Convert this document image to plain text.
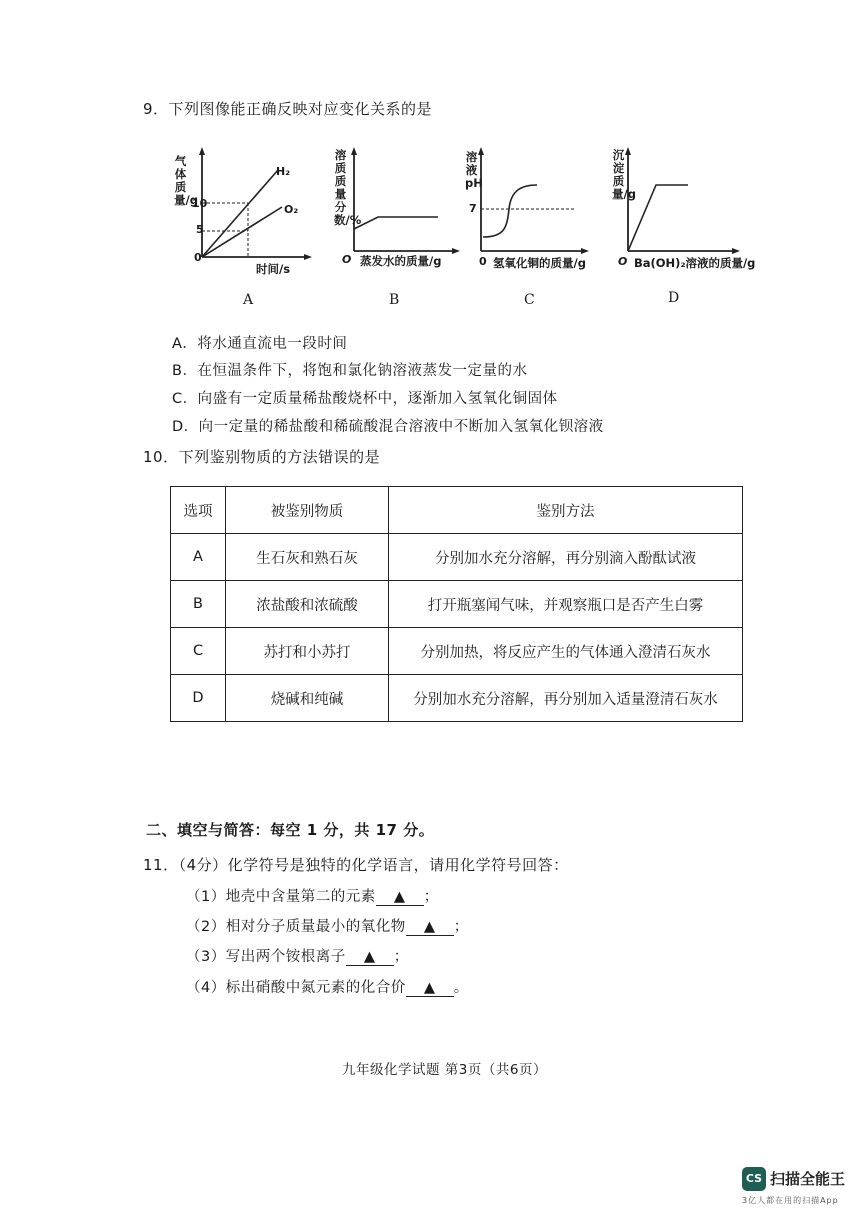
9．下列图像能正确反映对应变化关系的是
气体质量/g
10
5
0
H₂
O₂
时间/s
A
溶质质量分数/%
O 蒸发水的质量/g
B
溶液pH
7
0 氢氧化铜的质量/g
C
沉淀质量/g
O Ba(OH)₂溶液的质量/g
D
A．将水通直流电一段时间
B．在恒温条件下，将饱和氯化钠溶液蒸发一定量的水
C．向盛有一定质量稀盐酸烧杯中，逐渐加入氢氧化铜固体
D．向一定量的稀盐酸和稀硫酸混合溶液中不断加入氢氧化钡溶液
10．下列鉴别物质的方法错误的是
选项	被鉴别物质	鉴别方法
A	生石灰和熟石灰	分别加水充分溶解，再分别滴入酚酞试液
B	浓盐酸和浓硫酸	打开瓶塞闻气味，并观察瓶口是否产生白雾
C	苏打和小苏打	分别加热，将反应产生的气体通入澄清石灰水
D	烧碱和纯碱	分别加水充分溶解，再分别加入适量澄清石灰水
二、填空与简答：每空 1 分，共 17 分。
11．（4分）化学符号是独特的化学语言，请用化学符号回答：
（1）地壳中含量第二的元素 ▲ ；
（2）相对分子质量最小的氧化物 ▲ ；
（3）写出两个铵根离子 ▲ ；
（4）标出硝酸中氮元素的化合价 ▲ 。
九年级化学试题 第3页（共6页）
CS 扫描全能王
3亿人都在用的扫描App
